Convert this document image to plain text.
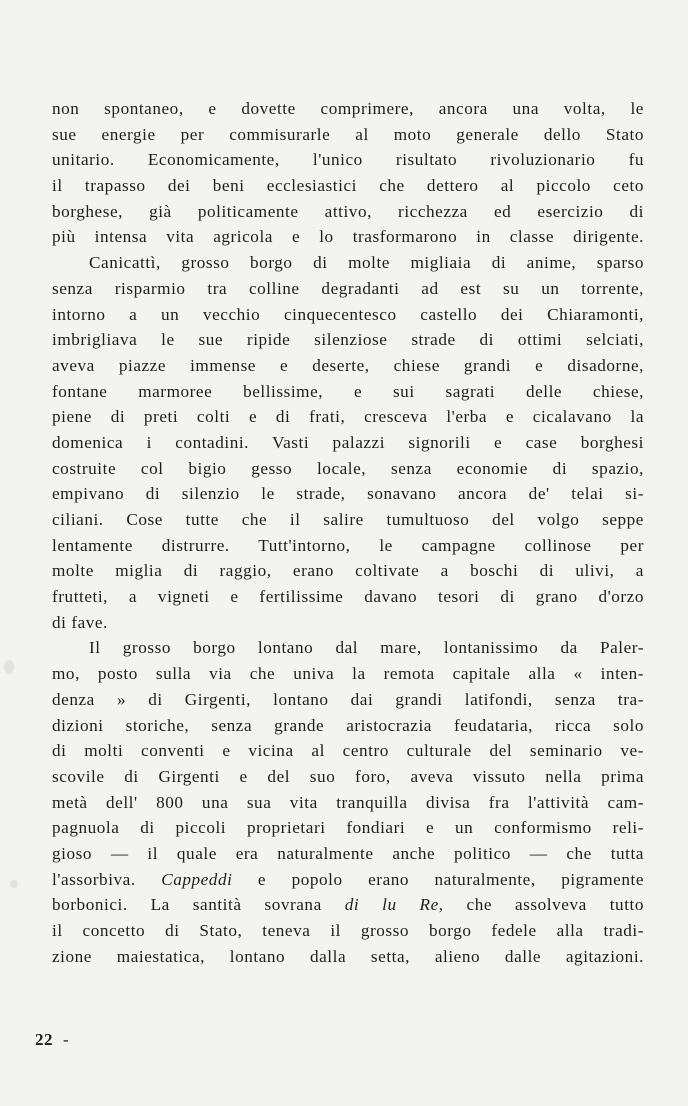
non spontaneo, e dovette comprimere, ancora una volta, le
sue energie per commisurarle al moto generale dello Stato
unitario. Economicamente, l'unico risultato rivoluzionario fu
il trapasso dei beni ecclesiastici che dettero al piccolo ceto
borghese, già politicamente attivo, ricchezza ed esercizio di
più intensa vita agricola e lo trasformarono in classe dirigente.
Canicattì, grosso borgo di molte migliaia di anime, sparso
senza risparmio tra colline degradanti ad est su un torrente,
intorno a un vecchio cinquecentesco castello dei Chiaramonti,
imbrigliava le sue ripide silenziose strade di ottimi selciati,
aveva piazze immense e deserte, chiese grandi e disadorne,
fontane marmoree bellissime, e sui sagrati delle chiese,
piene di preti colti e di frati, cresceva l'erba e cicalavano la
domenica i contadini. Vasti palazzi signorili e case borghesi
costruite col bigio gesso locale, senza economie di spazio,
empivano di silenzio le strade, sonavano ancora de' telai si-
ciliani. Cose tutte che il salire tumultuoso del volgo seppe
lentamente distrurre. Tutt'intorno, le campagne collinose per
molte miglia di raggio, erano coltivate a boschi di ulivi, a
frutteti, a vigneti e fertilissime davano tesori di grano d'orzo
di fave.
Il grosso borgo lontano dal mare, lontanissimo da Paler-
mo, posto sulla via che univa la remota capitale alla « inten-
denza » di Girgenti, lontano dai grandi latifondi, senza tra-
dizioni storiche, senza grande aristocrazia feudataria, ricca solo
di molti conventi e vicina al centro culturale del seminario ve-
scovile di Girgenti e del suo foro, aveva vissuto nella prima
metà dell' 800 una sua vita tranquilla divisa fra l'attività cam-
pagnuola di piccoli proprietari fondiari e un conformismo reli-
gioso — il quale era naturalmente anche politico — che tutta
l'assorbiva. Cappeddi e popolo erano naturalmente, pigramente
borbonici. La santità sovrana di lu Re, che assolveva tutto
il concetto di Stato, teneva il grosso borgo fedele alla tradi-
zione maiestatica, lontano dalla setta, alieno dalle agitazioni.
22 -
